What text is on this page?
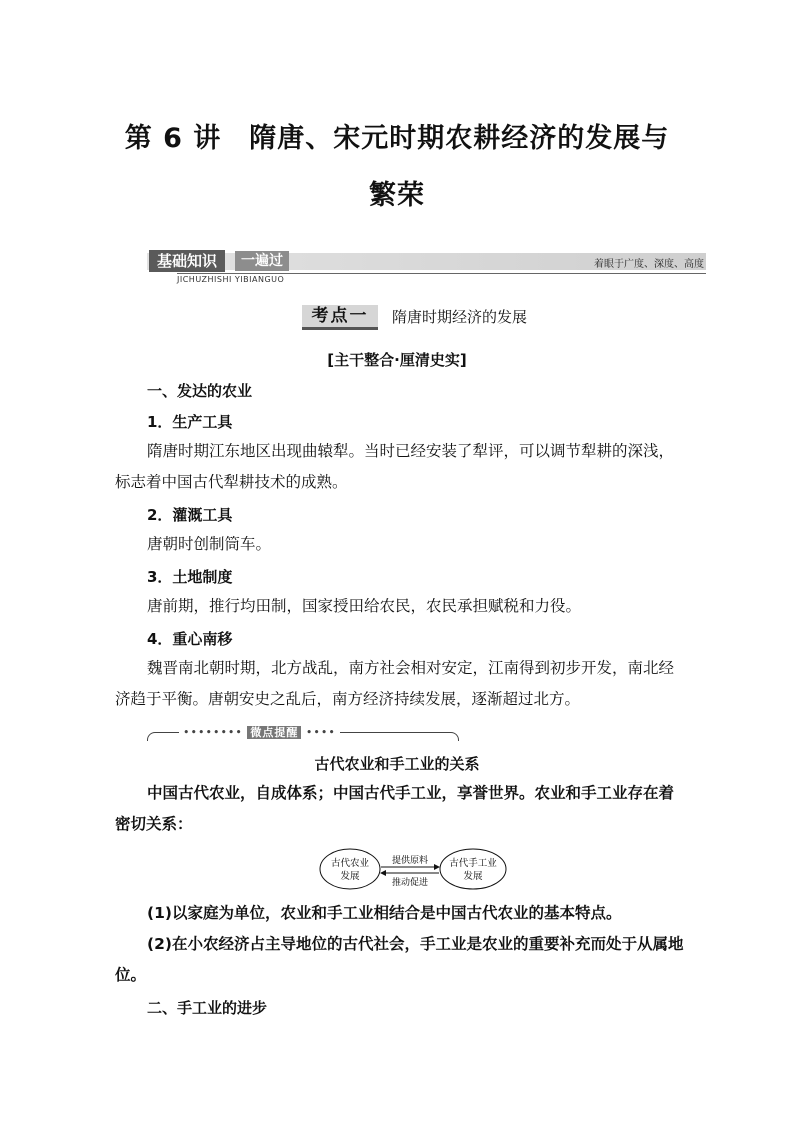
第 6 讲　隋唐、宋元时期农耕经济的发展与
繁荣
基础知识	一遍过
JICHUZHISHI YIBIANGUO
着眼于广度、深度、高度
考点一 隋唐时期经济的发展
[主干整合·厘清史实]
一、发达的农业
1．生产工具
隋唐时期江东地区出现曲辕犁。当时已经安装了犁评，可以调节犁耕的深浅，标志着中国古代犁耕技术的成熟。
2．灌溉工具
唐朝时创制筒车。
3．土地制度
唐前期，推行均田制，国家授田给农民，农民承担赋税和力役。
4．重心南移
魏晋南北朝时期，北方战乱，南方社会相对安定，江南得到初步开发，南北经济趋于平衡。唐朝安史之乱后，南方经济持续发展，逐渐超过北方。
•••••••• 微点提醒 ••••
古代农业和手工业的关系
中国古代农业，自成体系；中国古代手工业，享誉世界。农业和手工业存在着密切关系：
古代农业
发展
古代手工业
发展
提供原料
推动促进
(1)以家庭为单位，农业和手工业相结合是中国古代农业的基本特点。
(2)在小农经济占主导地位的古代社会，手工业是农业的重要补充而处于从属地位。
二、手工业的进步
